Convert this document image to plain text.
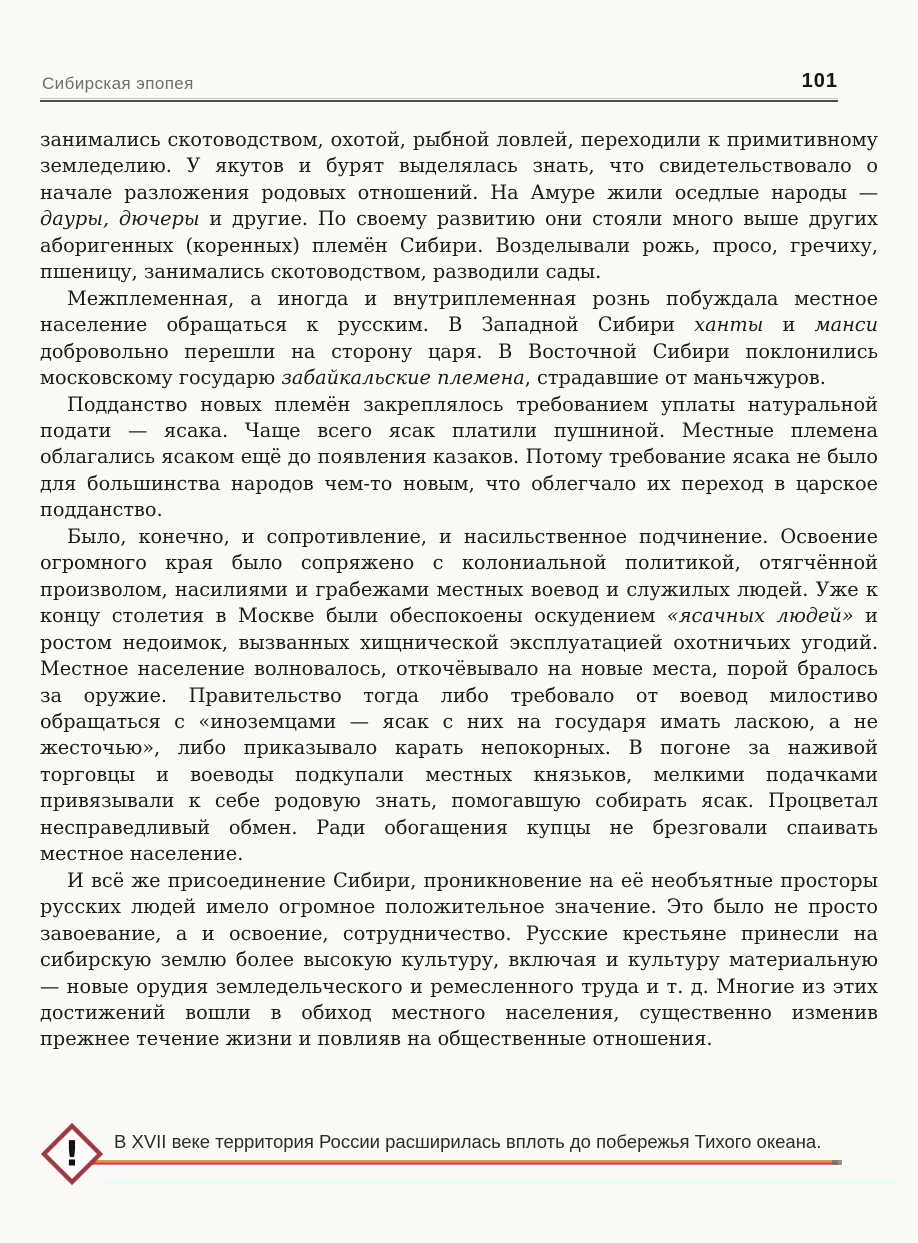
Сибирская эпопея	101

занимались скотоводством, охотой, рыбной ловлей, переходили к примитивному земледелию. У якутов и бурят выделялась знать, что свидетельствовало о начале разложения родовых отношений. На Амуре жили оседлые народы — дауры, дючеры и другие. По своему развитию они стояли много выше других аборигенных (коренных) племён Сибири. Возделывали рожь, просо, гречиху, пшеницу, занимались скотоводством, разводили сады.

Межплеменная, а иногда и внутриплеменная рознь побуждала местное население обращаться к русским. В Западной Сибири ханты и манси добровольно перешли на сторону царя. В Восточной Сибири поклонились московскому государю забайкальские племена, страдавшие от маньчжуров.

Подданство новых племён закреплялось требованием уплаты натуральной подати — ясака. Чаще всего ясак платили пушниной. Местные племена облагались ясаком ещё до появления казаков. Потому требование ясака не было для большинства народов чем-то новым, что облегчало их переход в царское подданство.

Было, конечно, и сопротивление, и насильственное подчинение. Освоение огромного края было сопряжено с колониальной политикой, отягчённой произволом, насилиями и грабежами местных воевод и служилых людей. Уже к концу столетия в Москве были обеспокоены оскудением «ясачных людей» и ростом недоимок, вызванных хищнической эксплуатацией охотничьих угодий. Местное население волновалось, откочёвывало на новые места, порой бралось за оружие. Правительство тогда либо требовало от воевод милостиво обращаться с «иноземцами — ясак с них на государя имать ласкою, а не жесточью», либо приказывало карать непокорных. В погоне за наживой торговцы и воеводы подкупали местных князьков, мелкими подачками привязывали к себе родовую знать, помогавшую собирать ясак. Процветал несправедливый обмен. Ради обогащения купцы не брезговали спаивать местное население.

И всё же присоединение Сибири, проникновение на её необъятные просторы русских людей имело огромное положительное значение. Это было не просто завоевание, а и освоение, сотрудничество. Русские крестьяне принесли на сибирскую землю более высокую культуру, включая и культуру материальную — новые орудия земледельческого и ремесленного труда и т. д. Многие из этих достижений вошли в обиход местного населения, существенно изменив прежнее течение жизни и повлияв на общественные отношения.

! В XVII веке территория России расширилась вплоть до побережья Тихого океана.
